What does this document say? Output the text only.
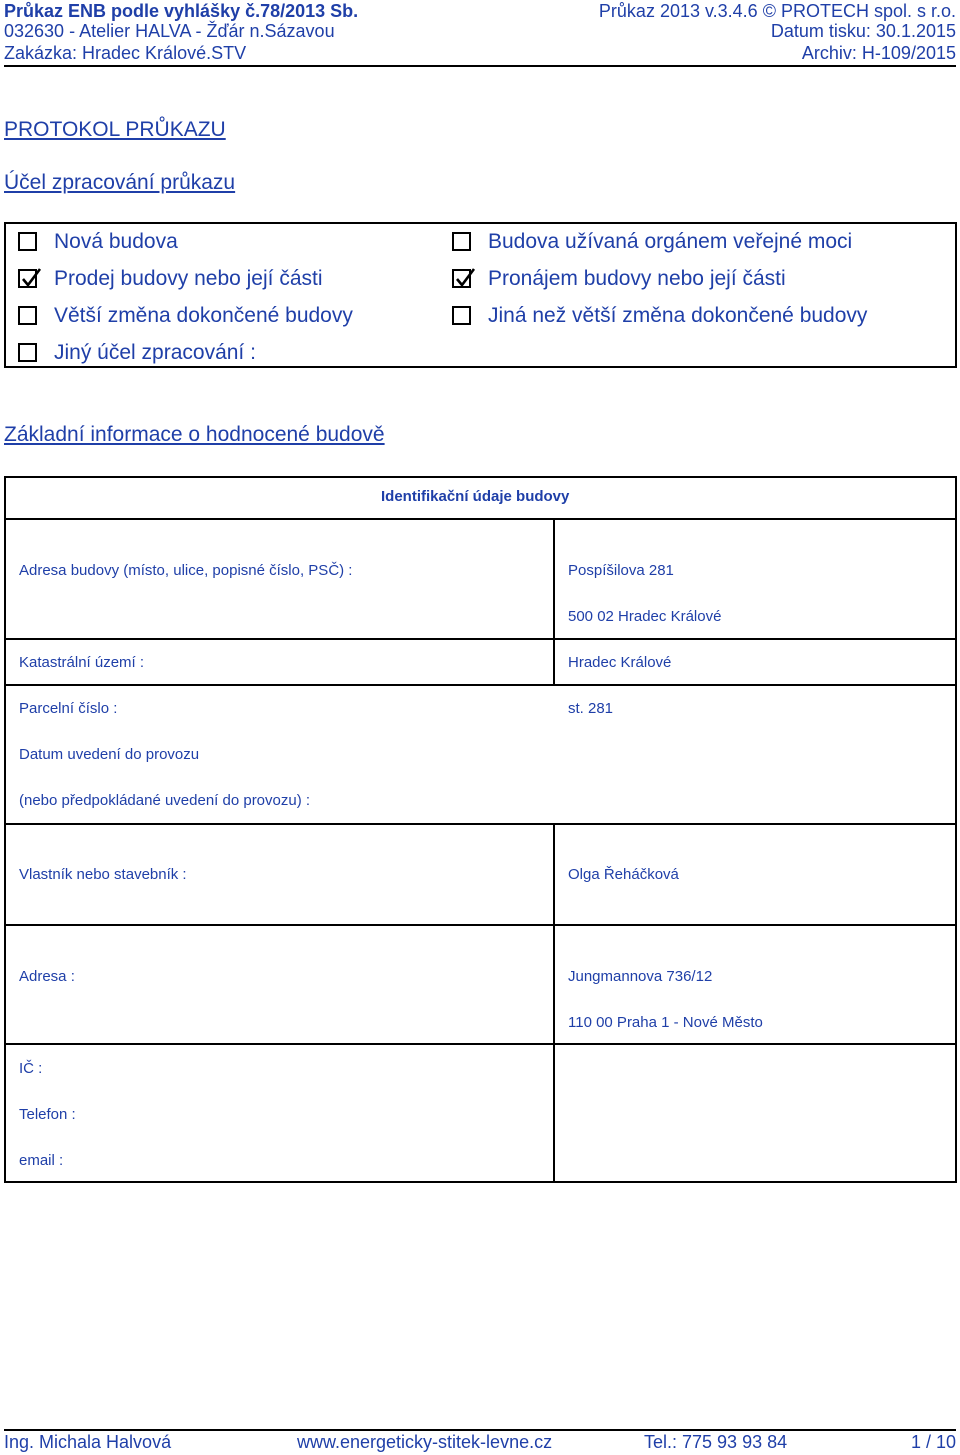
Průkaz ENB podle vyhlášky č.78/2013 Sb.	Průkaz 2013 v.3.4.6 © PROTECH spol. s r.o.
032630 - Atelier HALVA - Žďár n.Sázavou	Datum tisku: 30.1.2015
Zakázka: Hradec Králové.STV	Archiv: H-109/2015
PROTOKOL PRŮKAZU
Účel zpracování průkazu
Nová budova
Prodej budovy nebo její části
Větší změna dokončené budovy
Jiný účel zpracování :
Budova užívaná orgánem veřejné moci
Pronájem budovy nebo její části
Jiná než větší změna dokončené budovy
Základní informace o hodnocené budově
Identifikační údaje budovy
Adresa budovy (místo, ulice, popisné číslo, PSČ) :	Pospíšilova 281
500 02 Hradec Králové
Katastrální území :	Hradec Králové
Parcelní číslo :	st. 281
Datum uvedení do provozu
(nebo předpokládané uvedení do provozu) :
Vlastník nebo stavebník :	Olga Řeháčková
Adresa :	Jungmannova 736/12
110 00 Praha 1 - Nové Město
IČ :
Telefon :
email :
Ing. Michala Halvová	www.energeticky-stitek-levne.cz	Tel.: 775 93 93 84	1 / 10
